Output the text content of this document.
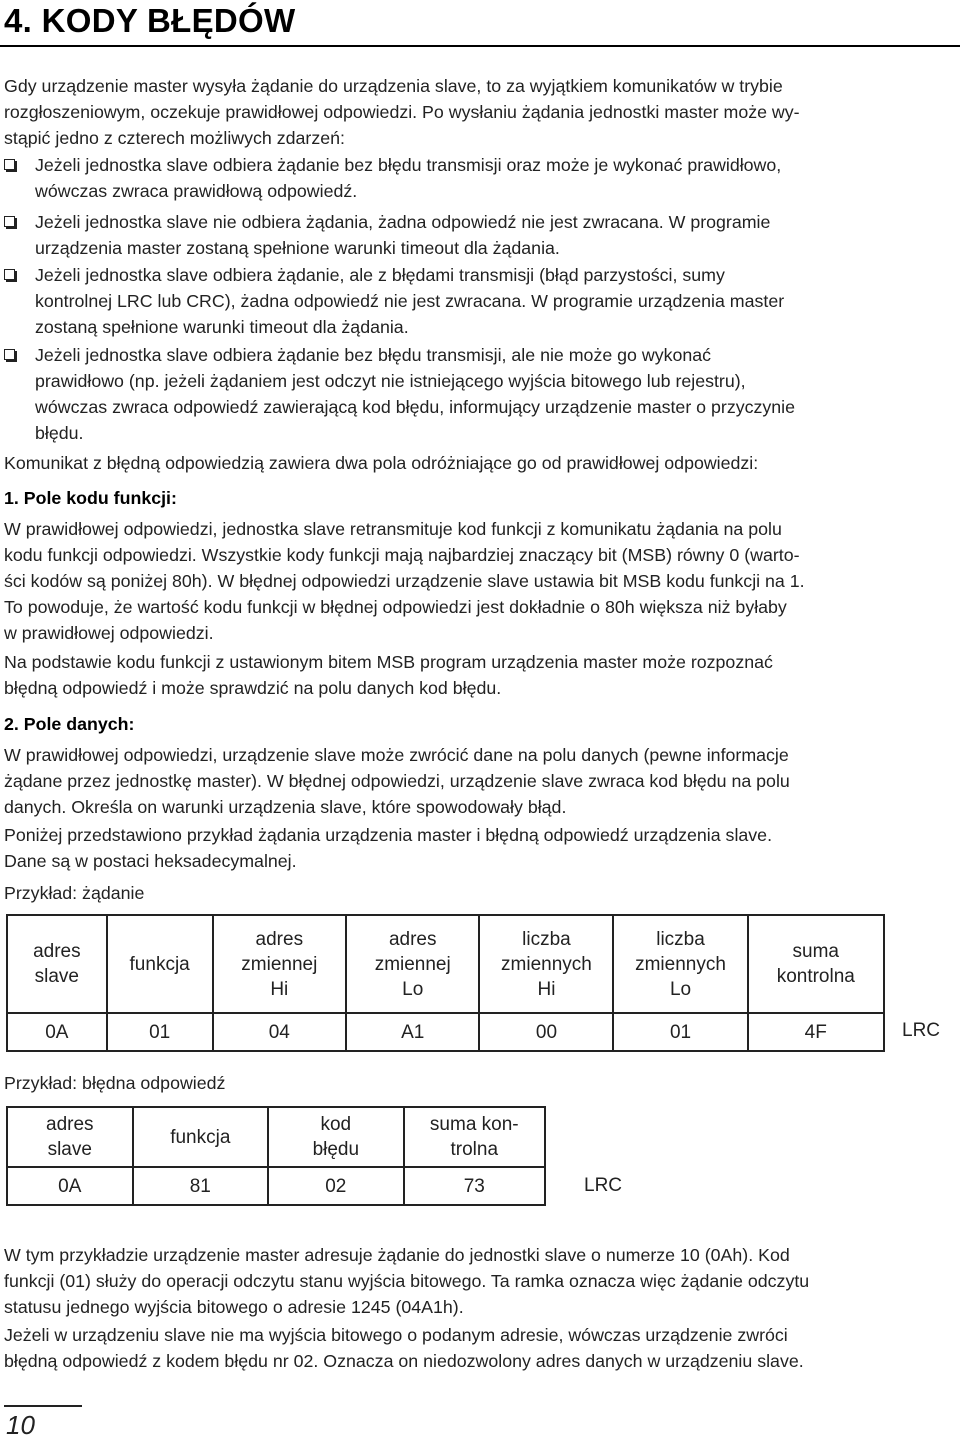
4. KODY BŁĘDÓW
Gdy urządzenie master wysyła żądanie do urządzenia slave, to za wyjątkiem komunikatów w trybie
rozgłoszeniowym, oczekuje prawidłowej odpowiedzi. Po wysłaniu żądania jednostki master może wy-
stąpić jedno z czterech możliwych zdarzeń:
Jeżeli jednostka slave odbiera żądanie bez błędu transmisji oraz może je wykonać prawidłowo,
wówczas zwraca prawidłową odpowiedź.
Jeżeli jednostka slave nie odbiera żądania, żadna odpowiedź nie jest zwracana. W programie
urządzenia master zostaną spełnione warunki timeout dla żądania.
Jeżeli jednostka slave odbiera żądanie, ale z błędami transmisji (błąd parzystości, sumy
kontrolnej LRC lub CRC), żadna odpowiedź nie jest zwracana. W programie urządzenia master
zostaną spełnione warunki timeout dla żądania.
Jeżeli jednostka slave odbiera żądanie bez błędu transmisji, ale nie może go wykonać
prawidłowo (np. jeżeli żądaniem jest odczyt nie istniejącego wyjścia bitowego lub rejestru),
wówczas zwraca odpowiedź zawierającą kod błędu, informujący urządzenie master o przyczynie
błędu.
Komunikat z błędną odpowiedzią zawiera dwa pola odróżniające go od prawidłowej odpowiedzi:
1. Pole kodu funkcji:
W prawidłowej odpowiedzi, jednostka slave retransmituje kod funkcji z komunikatu żądania na polu
kodu funkcji odpowiedzi. Wszystkie kody funkcji mają najbardziej znaczący bit (MSB) równy 0 (warto-
ści kodów są poniżej 80h). W błędnej odpowiedzi urządzenie slave ustawia bit MSB kodu funkcji na 1.
To powoduje, że wartość kodu funkcji w błędnej odpowiedzi jest dokładnie o 80h większa niż byłaby
w prawidłowej odpowiedzi.
Na podstawie kodu funkcji z ustawionym bitem MSB program urządzenia master może rozpoznać
błędną odpowiedź i może sprawdzić na polu danych kod błędu.
2. Pole danych:
W prawidłowej odpowiedzi, urządzenie slave może zwrócić dane na polu danych (pewne informacje
żądane przez jednostkę master). W błędnej odpowiedzi, urządzenie slave zwraca kod błędu na polu
danych. Określa on warunki urządzenia slave, które spowodowały błąd.
Poniżej przedstawiono przykład żądania urządzenia master i błędną odpowiedź urządzenia slave.
Dane są w postaci heksadecymalnej.
Przykład: żądanie
adres
slave	funkcja	adres
zmiennej
Hi	adres
zmiennej
Lo	liczba
zmiennych
Hi	liczba
zmiennych
Lo	suma
kontrolna
0A	01	04	A1	00	01	4F	LRC
Przykład: błędna odpowiedź
adres
slave	funkcja	kod
błędu	suma kon-
trolna
0A	81	02	73	LRC
W tym przykładzie urządzenie master adresuje żądanie do jednostki slave o numerze 10 (0Ah). Kod
funkcji (01) służy do operacji odczytu stanu wyjścia bitowego. Ta ramka oznacza więc żądanie odczytu
statusu jednego wyjścia bitowego o adresie 1245 (04A1h).
Jeżeli w urządzeniu slave nie ma wyjścia bitowego o podanym adresie, wówczas urządzenie zwróci
błędną odpowiedź z kodem błędu nr 02. Oznacza on niedozwolony adres danych w urządzeniu slave.
10
